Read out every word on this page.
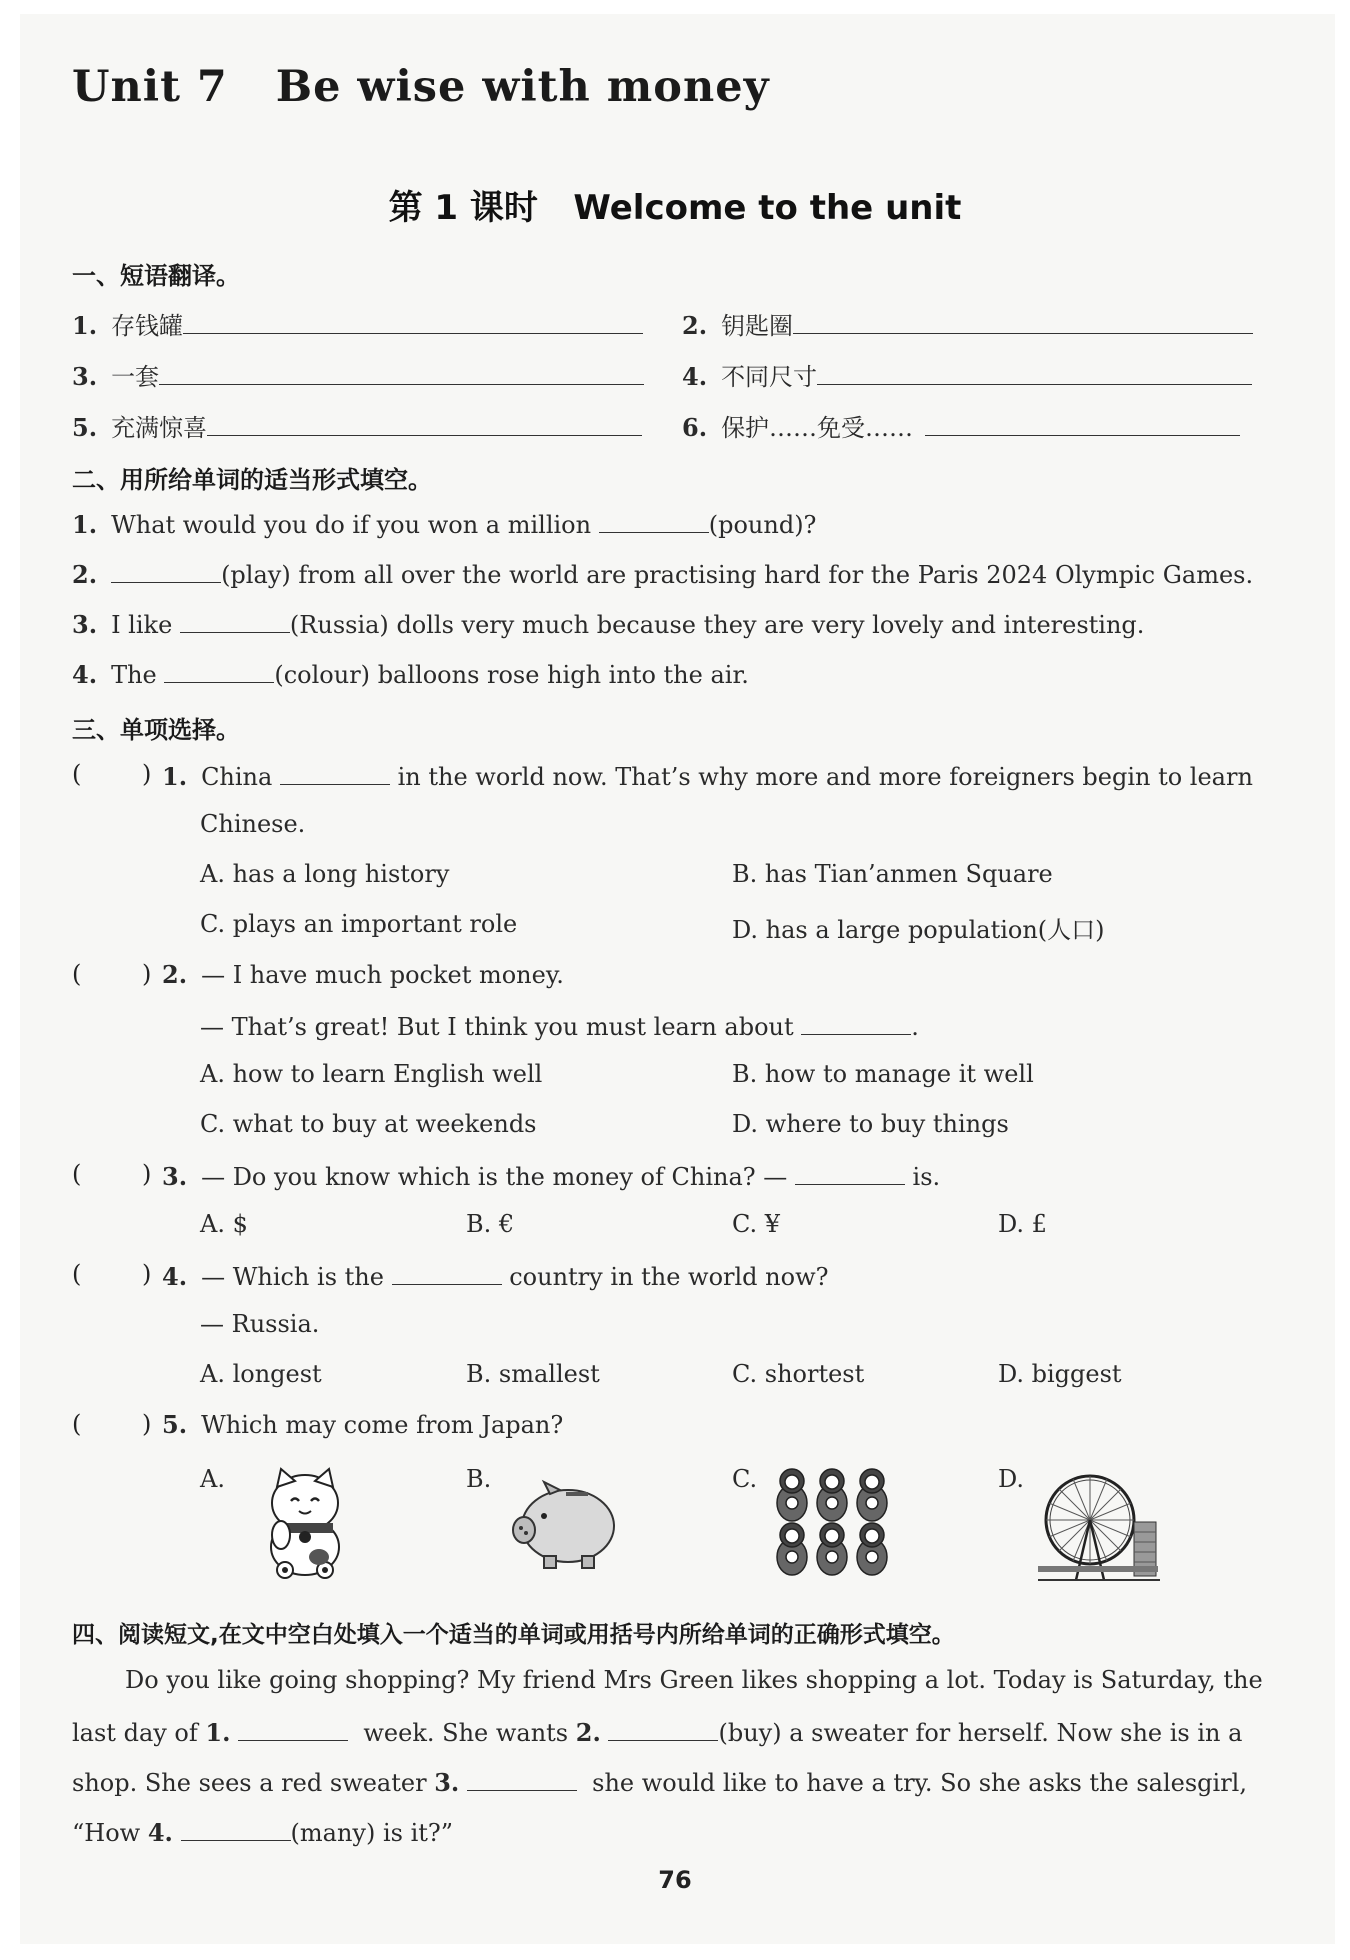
Unit 7   Be wise with money
第 1 课时   Welcome to the unit
一、短语翻译。
1. 存钱罐	2. 钥匙圈
3. 一套	4. 不同尺寸
5. 充满惊喜	6. 保护……免受……
二、用所给单词的适当形式填空。
1. What would you do if you won a million	(pound)?
2.	(play) from all over the world are practising hard for the Paris 2024 Olympic Games.
3. I like	(Russia) dolls very much because they are very lovely and interesting.
4. The	(colour) balloons rose high into the air.
三、单项选择。
(	) 1. China	in the world now. That’s why more and more foreigners begin to learn
Chinese.
A. has a long history	B. has Tian’anmen Square
C. plays an important role	D. has a large population(人口)
(	) 2. — I have much pocket money.
— That’s great! But I think you must learn about	.
A. how to learn English well	B. how to manage it well
C. what to buy at weekends	D. where to buy things
(	) 3. — Do you know which is the money of China? —	is.
A. $	B. €	C. ¥	D. £
(	) 4. — Which is the	country in the world now?
— Russia.
A. longest	B. smallest	C. shortest	D. biggest
(	) 5. Which may come from Japan?
A.	B.	C.	D.
四、阅读短文,在文中空白处填入一个适当的单词或用括号内所给单词的正确形式填空。
Do you like going shopping? My friend Mrs Green likes shopping a lot. Today is Saturday, the
last day of 1.	week. She wants 2.	(buy) a sweater for herself. Now she is in a
shop. She sees a red sweater 3.	she would like to have a try. So she asks the salesgirl,
“How 4.	(many) is it?”
76
